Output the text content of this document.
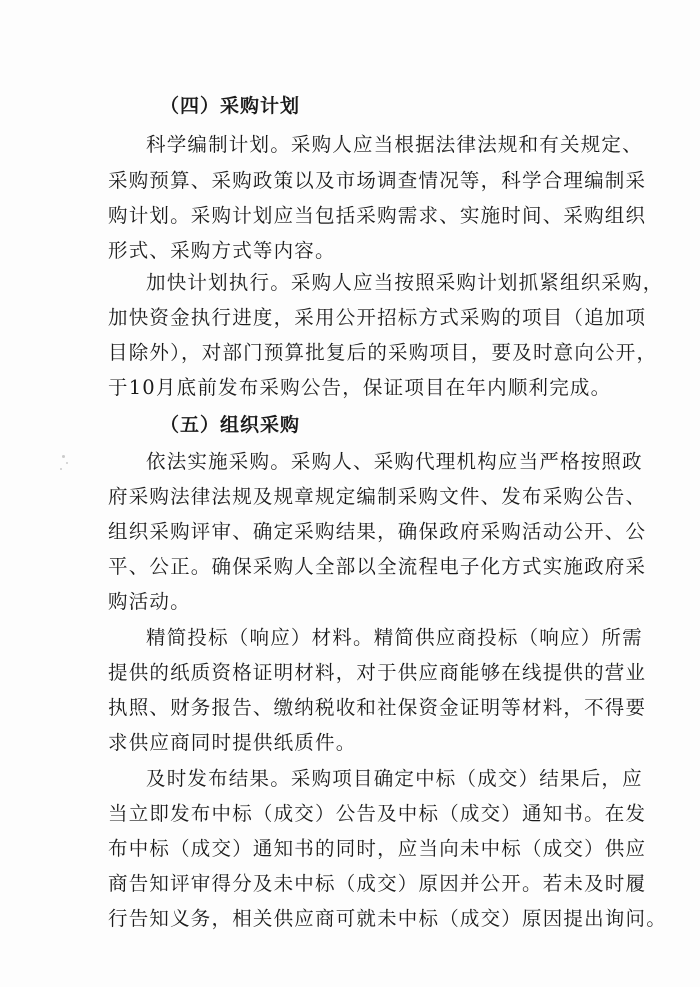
（四）采购计划
科学编制计划。采购人应当根据法律法规和有关规定、
采购预算、采购政策以及市场调查情况等，科学合理编制采
购计划。采购计划应当包括采购需求、实施时间、采购组织
形式、采购方式等内容。
加快计划执行。采购人应当按照采购计划抓紧组织采购，
加快资金执行进度，采用公开招标方式采购的项目（追加项
目除外），对部门预算批复后的采购项目，要及时意向公开，
于10月底前发布采购公告，保证项目在年内顺利完成。
（五）组织采购
依法实施采购。采购人、采购代理机构应当严格按照政
府采购法律法规及规章规定编制采购文件、发布采购公告、
组织采购评审、确定采购结果，确保政府采购活动公开、公
平、公正。确保采购人全部以全流程电子化方式实施政府采
购活动。
精简投标（响应）材料。精简供应商投标（响应）所需
提供的纸质资格证明材料，对于供应商能够在线提供的营业
执照、财务报告、缴纳税收和社保资金证明等材料，不得要
求供应商同时提供纸质件。
及时发布结果。采购项目确定中标（成交）结果后，应
当立即发布中标（成交）公告及中标（成交）通知书。在发
布中标（成交）通知书的同时，应当向未中标（成交）供应
商告知评审得分及未中标（成交）原因并公开。若未及时履
行告知义务，相关供应商可就未中标（成交）原因提出询问。
